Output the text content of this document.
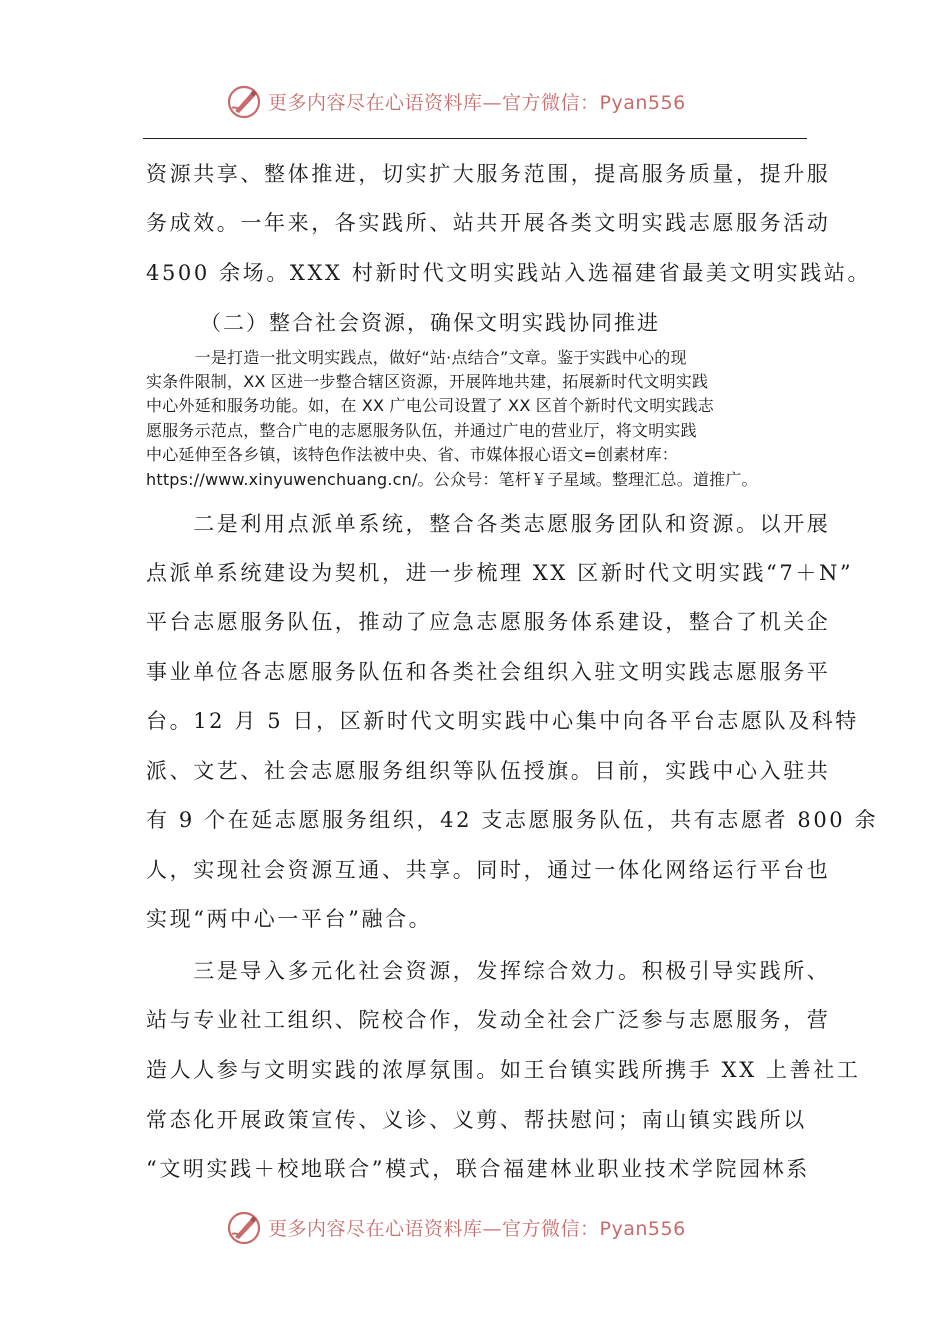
更多内容尽在心语资料库—官方微信：Pyan556
资源共享、整体推进，切实扩大服务范围，提高服务质量，提升服
务成效。一年来，各实践所、站共开展各类文明实践志愿服务活动
4500 余场。XXX 村新时代文明实践站入选福建省最美文明实践站。
（二）整合社会资源，确保文明实践协同推进
　　　一是打造一批文明实践点，做好“站·点结合”文章。鉴于实践中心的现
实条件限制，XX 区进一步整合辖区资源，开展阵地共建，拓展新时代文明实践
中心外延和服务功能。如，在 XX 广电公司设置了 XX 区首个新时代文明实践志
愿服务示范点，整合广电的志愿服务队伍，并通过广电的营业厅，将文明实践
中心延伸至各乡镇，该特色作法被中央、省、市媒体报心语文=创素材库：
https://www.xinyuwenchuang.cn/。公众号：笔杆￥子星域。整理汇总。道推广。
　　二是利用点派单系统，整合各类志愿服务团队和资源。以开展
点派单系统建设为契机，进一步梳理 XX 区新时代文明实践“7＋N”
平台志愿服务队伍，推动了应急志愿服务体系建设，整合了机关企
事业单位各志愿服务队伍和各类社会组织入驻文明实践志愿服务平
台。12 月 5 日，区新时代文明实践中心集中向各平台志愿队及科特
派、文艺、社会志愿服务组织等队伍授旗。目前，实践中心入驻共
有 9 个在延志愿服务组织，42 支志愿服务队伍，共有志愿者 800 余
人，实现社会资源互通、共享。同时，通过一体化网络运行平台也
实现“两中心一平台”融合。
　　三是导入多元化社会资源，发挥综合效力。积极引导实践所、
站与专业社工组织、院校合作，发动全社会广泛参与志愿服务，营
造人人参与文明实践的浓厚氛围。如王台镇实践所携手 XX 上善社工
常态化开展政策宣传、义诊、义剪、帮扶慰问；南山镇实践所以
“文明实践＋校地联合”模式，联合福建林业职业技术学院园林系
更多内容尽在心语资料库—官方微信：Pyan556
